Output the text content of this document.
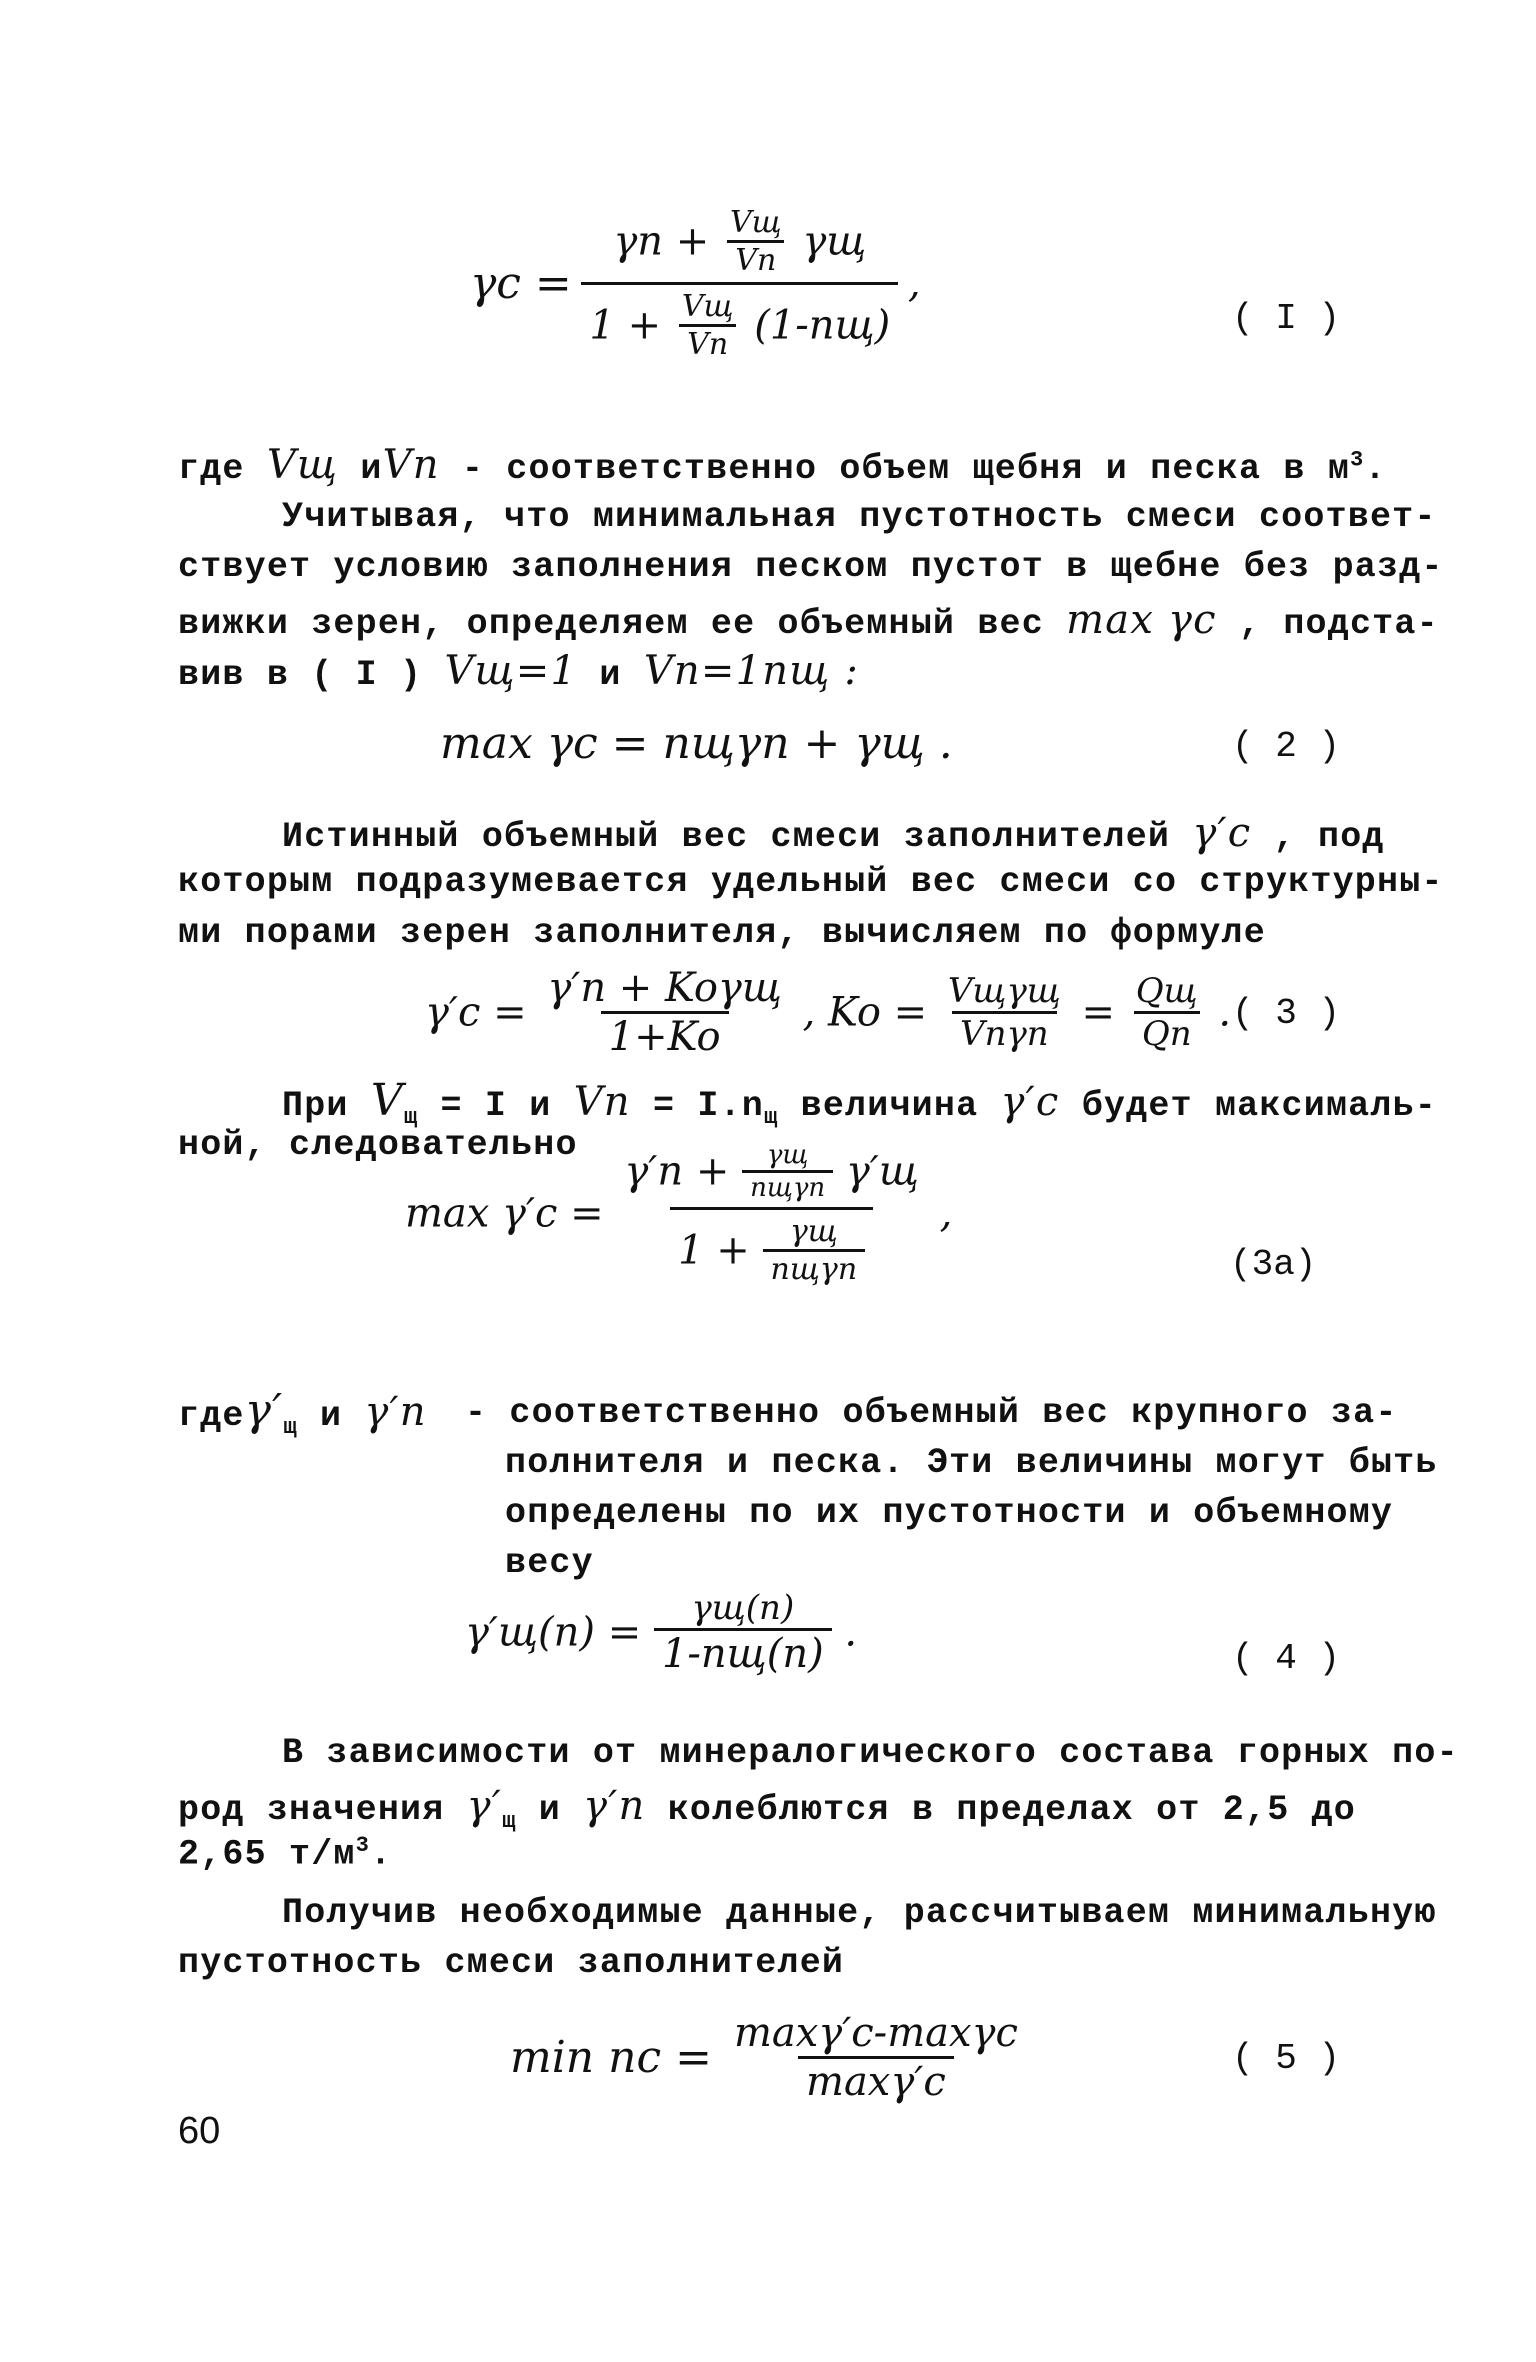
γc =
$\gamma п + \frac{Vщ}{Vп}$ γщ
$1 + \frac{Vщ}{Vп} (1-nщ)$
,
( I )
где Vщ иVп - соответственно объем щебня и песка в $м^3$.
Учитывая, что минимальная пустотность смеси соответ-
ствует условию заполнения песком пустот в щебне без разд-
вижки зерен, определяем ее объемный вес max γc , подста-
вив в ( I ) Vщ=1 и Vп=1nщ :
max γc = nщγп + γщ .	( 2 )
Истинный объемный вес смеси заполнителей γ′c , под
которым подразумевается удельный вес смеси со структурны-
ми порами зерен заполнителя, вычисляем по формуле
$\gamma'c = \frac{\text{γ′п + Koγщ}}{1+Ko}$ , $Ko = \frac{\text{Vщγщ}}{\text{Vпγп}} = \frac{Qщ}{Qп}$ . ( 3 )
При $V_щ = I$ и Vп = $I.n_щ$ величина γ′c будет максималь-
ной, следовательно
max γ′c =
$\gamma'п + \frac{\gamma щ}{\text{nщγп}} \gamma'щ$
$1 + \frac{\gamma щ}{\text{nщγп}}$
,
(3а)
$где\gamma'_щ$ и γ′п - соответственно объемный вес крупного за-
полнителя и песка. Эти величины могут быть
определены по их пустотности и объемному
весу
$\gamma'щ(п) = \frac{\gamma щ(п)}{1-nщ(п)}$ .
( 4 )
В зависимости от минералогического состава горных по-
род значения $\gamma'_щ$ и γ′п колеблются в пределах от 2,5 до
2,65 $т/м^3$.
Получив необходимые данные, рассчитываем минимальную
пустотность смеси заполнителей
min nc = $\frac{\max\gamma'c-\max\gamma c}{\max\gamma'c}$	( 5 )
60
